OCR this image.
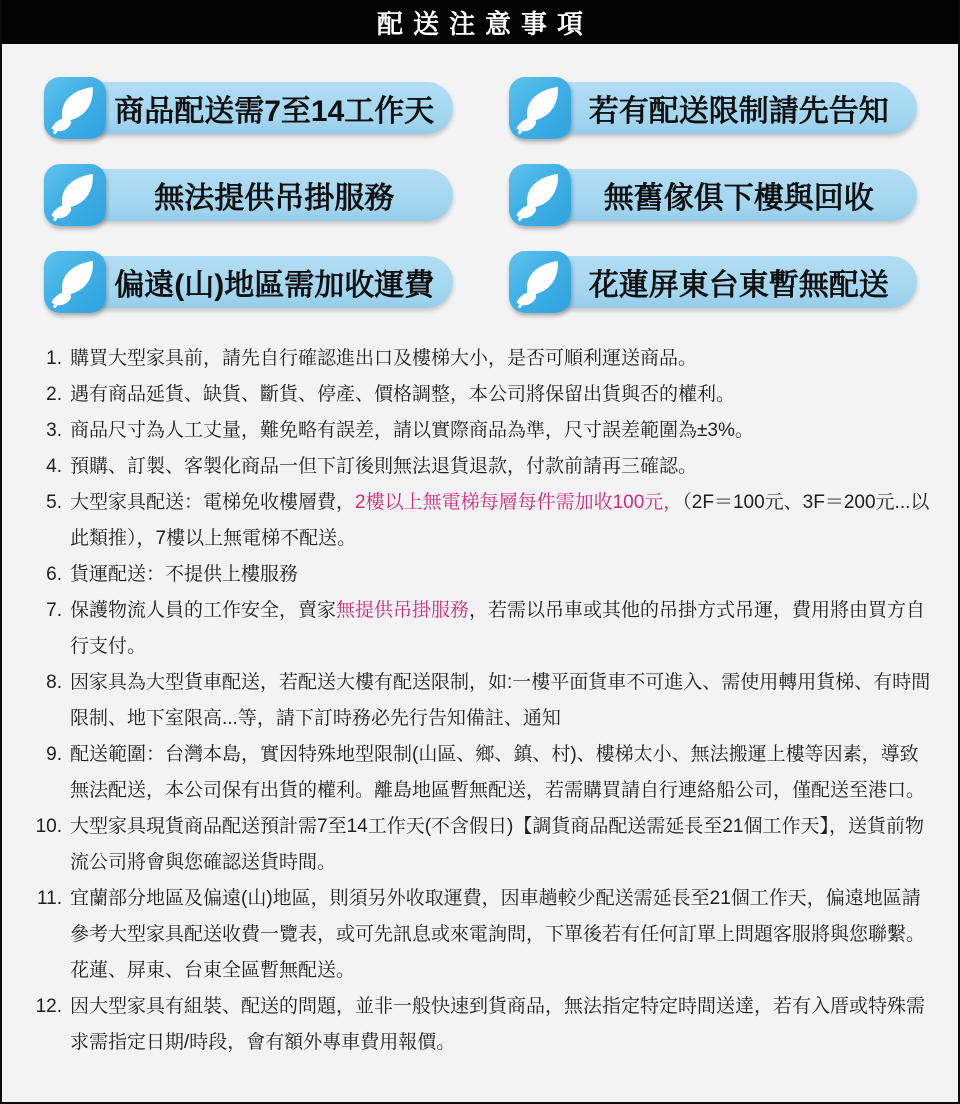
配送注意事項
商品配送需7至14工作天	若有配送限制請先告知
無法提供吊掛服務	無舊傢俱下樓與回收
偏遠(山)地區需加收運費	花蓮屏東台東暫無配送
1. 購買大型家具前，請先自行確認進出口及樓梯大小，是否可順利運送商品。
2. 遇有商品延貨、缺貨、斷貨、停產、價格調整，本公司將保留出貨與否的權利。
3. 商品尺寸為人工丈量，難免略有誤差，請以實際商品為準，尺寸誤差範圍為±3%。
4. 預購、訂製、客製化商品一但下訂後則無法退貨退款，付款前請再三確認。
5. 大型家具配送：電梯免收樓層費，2樓以上無電梯每層每件需加收100元，（2F＝100元、3F＝200元...以此類推），7樓以上無電梯不配送。
6. 貨運配送：不提供上樓服務
7. 保護物流人員的工作安全，賣家無提供吊掛服務，若需以吊車或其他的吊掛方式吊運，費用將由買方自行支付。
8. 因家具為大型貨車配送，若配送大樓有配送限制，如:一樓平面貨車不可進入、需使用轉用貨梯、有時間限制、地下室限高...等，請下訂時務必先行告知備註、通知
9. 配送範圍：台灣本島，實因特殊地型限制(山區、鄉、鎮、村)、樓梯太小、無法搬運上樓等因素，導致無法配送，本公司保有出貨的權利。離島地區暫無配送，若需購買請自行連絡船公司，僅配送至港口。
10. 大型家具現貨商品配送預計需7至14工作天(不含假日)【調貨商品配送需延長至21個工作天】，送貨前物流公司將會與您確認送貨時間。
11. 宜蘭部分地區及偏遠(山)地區，則須另外收取運費，因車趟較少配送需延長至21個工作天，偏遠地區請參考大型家具配送收費一覽表，或可先訊息或來電詢問，下單後若有任何訂單上問題客服將與您聯繫。花蓮、屏東、台東全區暫無配送。
12. 因大型家具有組裝、配送的問題，並非一般快速到貨商品，無法指定特定時間送達，若有入厝或特殊需求需指定日期/時段，會有額外專車費用報價。
